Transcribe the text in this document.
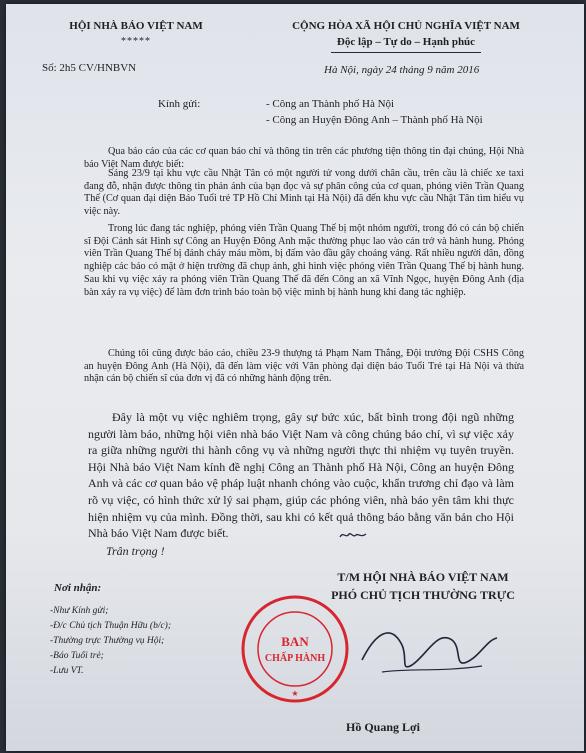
HỘI NHÀ BÁO VIỆT NAM
*****
CỘNG HÒA XÃ HỘI CHỦ NGHĨA VIỆT NAM
Độc lập – Tự do – Hạnh phúc
Số: 2h5 CV/HNBVN	Hà Nội, ngày 24 tháng 9 năm 2016
Kính gửi:	- Công an Thành phố Hà Nội
- Công an Huyện Đông Anh – Thành phố Hà Nội
Qua báo cáo của các cơ quan báo chí và thông tin trên các phương tiện thông tin đại chúng, Hội Nhà báo Việt Nam được biết:
Sáng 23/9 tại khu vực cầu Nhật Tân có một người tử vong dưới chân cầu, trên cầu là chiếc xe taxi đang đỗ, nhận được thông tin phản ánh của bạn đọc và sự phân công của cơ quan, phóng viên Trần Quang Thế (Cơ quan đại diện Báo Tuổi trẻ TP Hồ Chí Minh tại Hà Nội) đã đến khu vực cầu Nhật Tân tìm hiểu vụ việc này.
Trong lúc đang tác nghiệp, phóng viên Trần Quang Thế bị một nhóm người, trong đó có cán bộ chiến sĩ Đội Cảnh sát Hình sự Công an Huyện Đông Anh mặc thường phục lao vào cản trở và hành hung. Phóng viên Trần Quang Thế bị đánh chảy máu mồm, bị đấm vào đầu gây choáng váng. Rất nhiều người dân, đồng nghiệp các báo có mặt ở hiện trường đã chụp ảnh, ghi hình việc phóng viên Trần Quang Thế bị hành hung. Sau khi vụ việc xảy ra phóng viên Trần Quang Thế đã đến Công an xã Vĩnh Ngọc, huyện Đông Anh (địa bàn xảy ra vụ việc) để làm đơn trình báo toàn bộ việc mình bị hành hung khi đang tác nghiệp.
Chúng tôi cũng được báo cáo, chiều 23-9 thượng tá Phạm Nam Thắng, Đội trưởng Đội CSHS Công an huyện Đông Anh (Hà Nội), đã đến làm việc với Văn phòng đại diện báo Tuổi Trẻ tại Hà Nội và thừa nhận cán bộ chiến sĩ của đơn vị đã có những hành động trên.
Đây là một vụ việc nghiêm trọng, gây sự bức xúc, bất bình trong đội ngũ những người làm báo, những hội viên nhà báo Việt Nam và công chúng báo chí, vì sự việc xảy ra giữa những người thi hành công vụ và những người thực thi nhiệm vụ tuyên truyền. Hội Nhà báo Việt Nam kính đề nghị Công an Thành phố Hà Nội, Công an huyện Đông Anh và các cơ quan bảo vệ pháp luật nhanh chóng vào cuộc, khẩn trương chỉ đạo và làm rõ vụ việc, có hình thức xử lý sai phạm, giúp các phóng viên, nhà báo yên tâm khi thực hiện nhiệm vụ của mình. Đồng thời, sau khi có kết quả thông báo bằng văn bản cho Hội Nhà báo Việt Nam được biết.
Trân trọng !
Nơi nhận:
-Như Kính gửi;
-Đ/c Chủ tịch Thuận Hữu (b/c);
-Thường trực Thường vụ Hội;
-Báo Tuổi trẻ;
-Lưu VT.
T/M HỘI NHÀ BÁO VIỆT NAM
PHÓ CHỦ TỊCH THƯỜNG TRỰC
BAN
CHẤP HÀNH
★
Hồ Quang Lợi
